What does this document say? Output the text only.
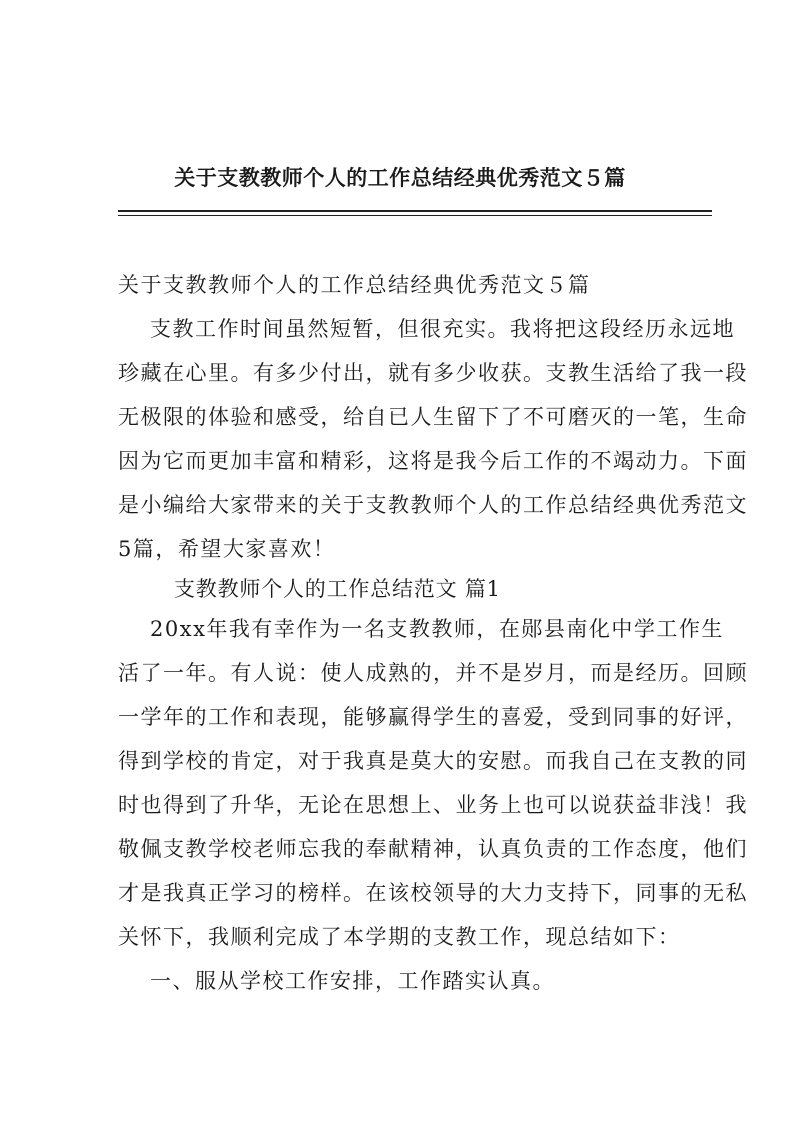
关于支教教师个人的工作总结经典优秀范文５篇
关于支教教师个人的工作总结经典优秀范文５篇
支教工作时间虽然短暂，但很充实。我将把这段经历永远地
珍藏在心里。有多少付出，就有多少收获。支教生活给了我一段
无极限的体验和感受，给自已人生留下了不可磨灭的一笔，生命
因为它而更加丰富和精彩，这将是我今后工作的不竭动力。下面
是小编给大家带来的关于支教教师个人的工作总结经典优秀范文
5篇，希望大家喜欢！
支教教师个人的工作总结范文 篇1
20xx年我有幸作为一名支教教师，在郧县南化中学工作生
活了一年。有人说：使人成熟的，并不是岁月，而是经历。回顾
一学年的工作和表现，能够赢得学生的喜爱，受到同事的好评，
得到学校的肯定，对于我真是莫大的安慰。而我自己在支教的同
时也得到了升华，无论在思想上、业务上也可以说获益非浅！我
敬佩支教学校老师忘我的奉献精神，认真负责的工作态度，他们
才是我真正学习的榜样。在该校领导的大力支持下，同事的无私
关怀下，我顺利完成了本学期的支教工作，现总结如下：
一、服从学校工作安排，工作踏实认真。
